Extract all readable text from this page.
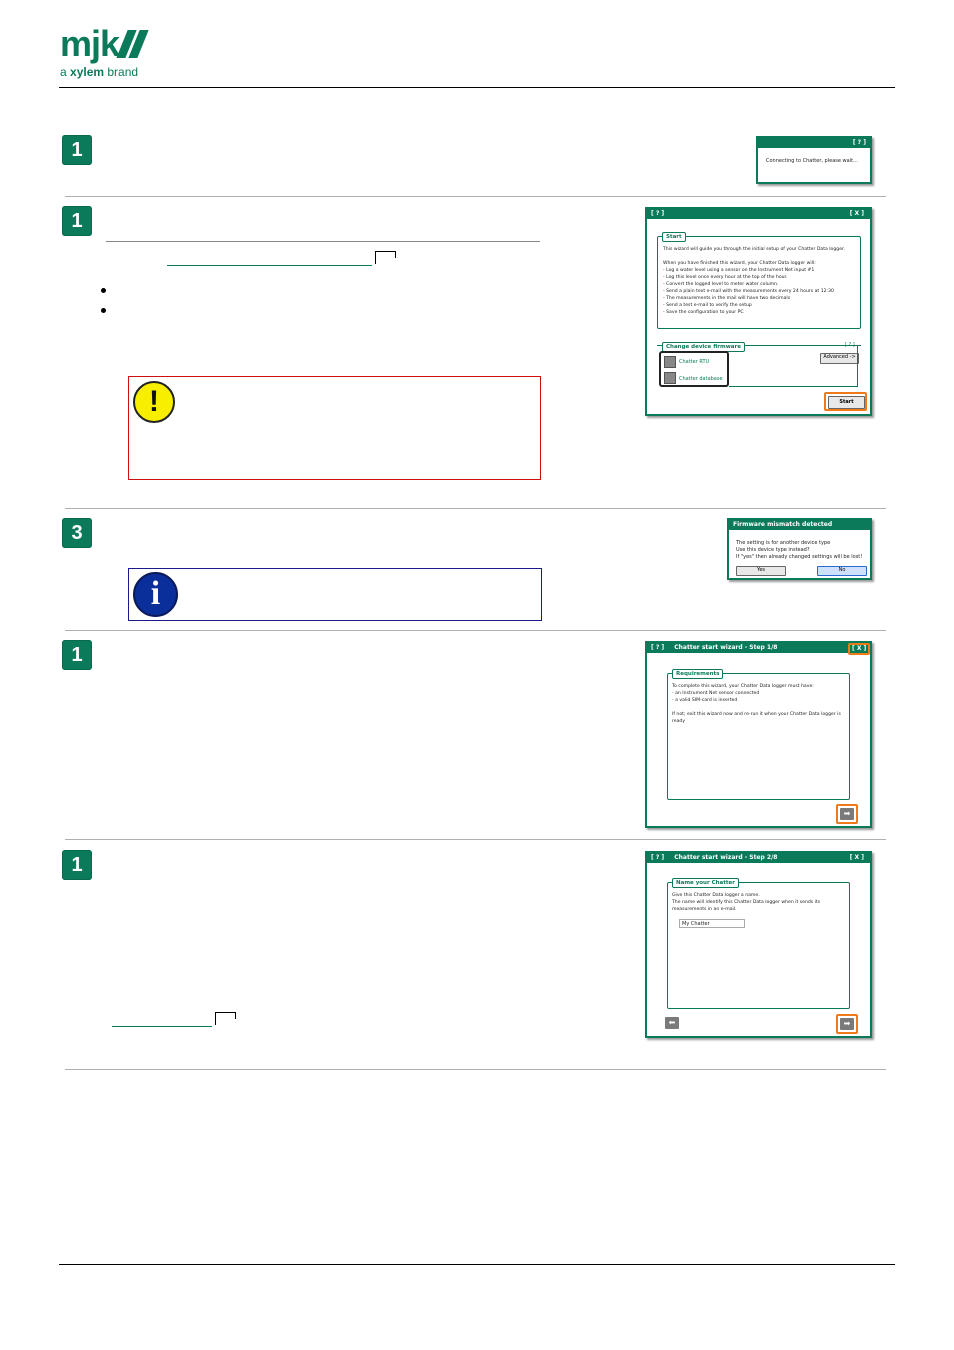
mjk
a xylem brand
1	[ ? ]
Connecting to Chatter, please wait...
1
!
[ ? ]	[ X ]
Start
This wizard will guide you through the initial setup of your Chatter Data logger.

When you have finished this wizard, your Chatter Data logger will:
- Log a water level using a sensor on the Instrument Net input #1
- Log this level once every hour at the top of the hour.
- Convert the logged level to meter water column.
- Send a plain text e-mail with the measurements every 24 hours at 12:30
- The measurements in the mail will have two decimals
- Send a test e-mail to verify the setup
- Save the configuration to your PC
Change device firmware	[ ? ]
Chatter RTU
Chatter database
Advanced ->
Start
3
i
Firmware mismatch detected
The setting is for another device type
Use this device type instead?
If "yes" then already changed settings will be lost!
Yes	No
1	[ ? ] Chatter start wizard - Step 1/8	[ X ]
Requirements
To complete this wizard, your Chatter Data logger must have:
- an Instrument Net sensor connected
- a valid SIM-card is inserted

If not; exit this wizard now and re-run it when your Chatter Data logger is ready
➡
1	[ ? ] Chatter start wizard - Step 2/8	[ X ]
Name your Chatter
Give this Chatter Data logger a name.
The name will identify this Chatter Data logger when it sends its measurements in an e-mail.
My Chatter
⬅	➡
